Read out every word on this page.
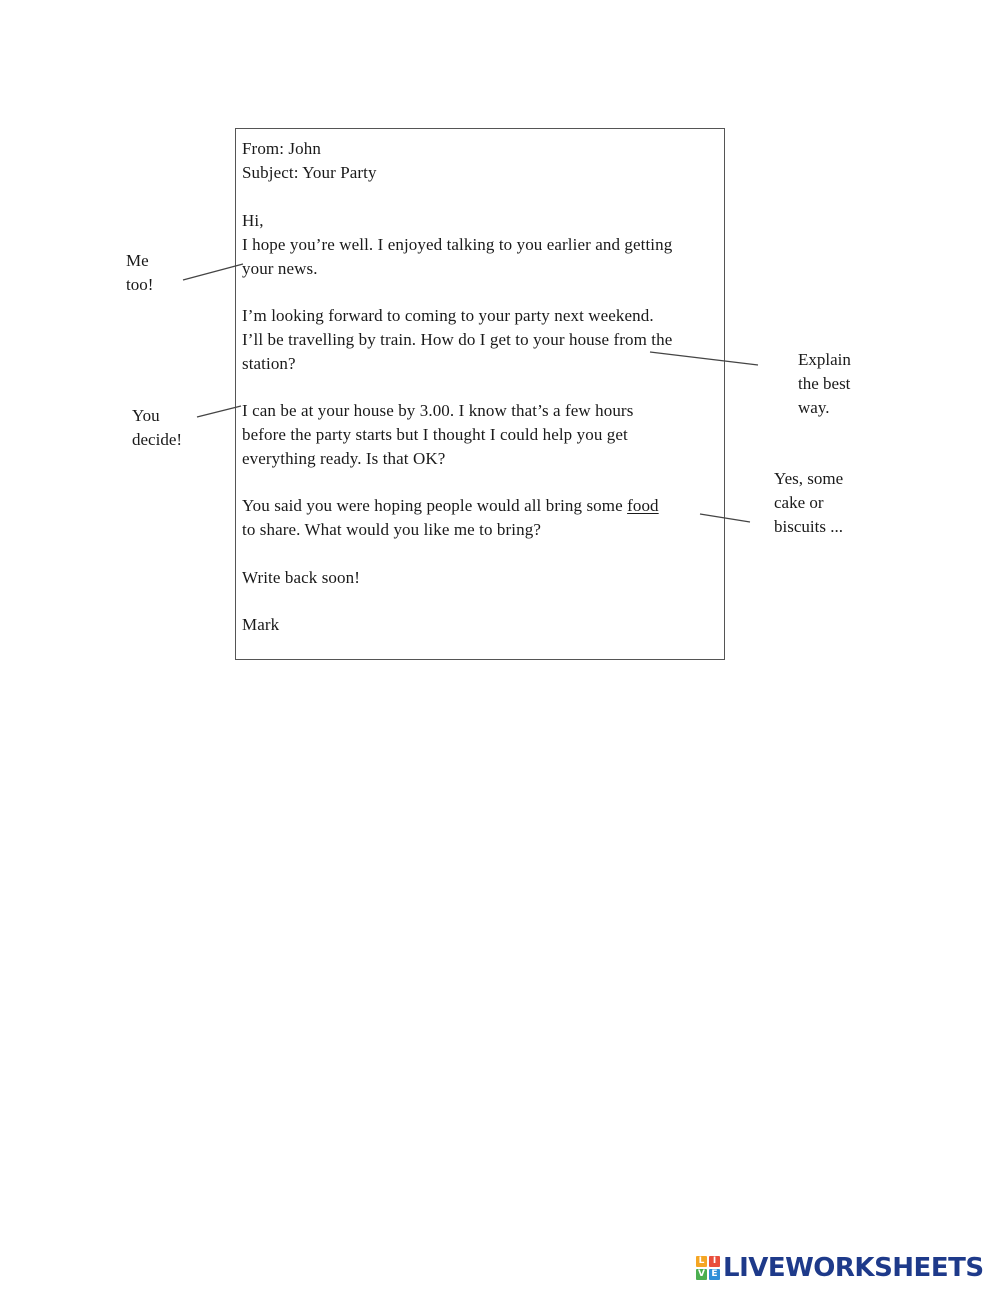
From: John
Subject: Your Party
Hi,
I hope you’re well. I enjoyed talking to you earlier and getting
your news.
I’m looking forward to coming to your party next weekend.
I’ll be travelling by train. How do I get to your house from the
station?
I can be at your house by 3.00. I know that’s a few hours
before the party starts but I thought I could help you get
everything ready. Is that OK?
You said you were hoping people would all bring some food
to share. What would you like me to bring?
Write back soon!
Mark
Me
too!
You
decide!
Explain
the best
way.
Yes, some
cake or
biscuits ...
L I
V E LIVEWORKSHEETS
